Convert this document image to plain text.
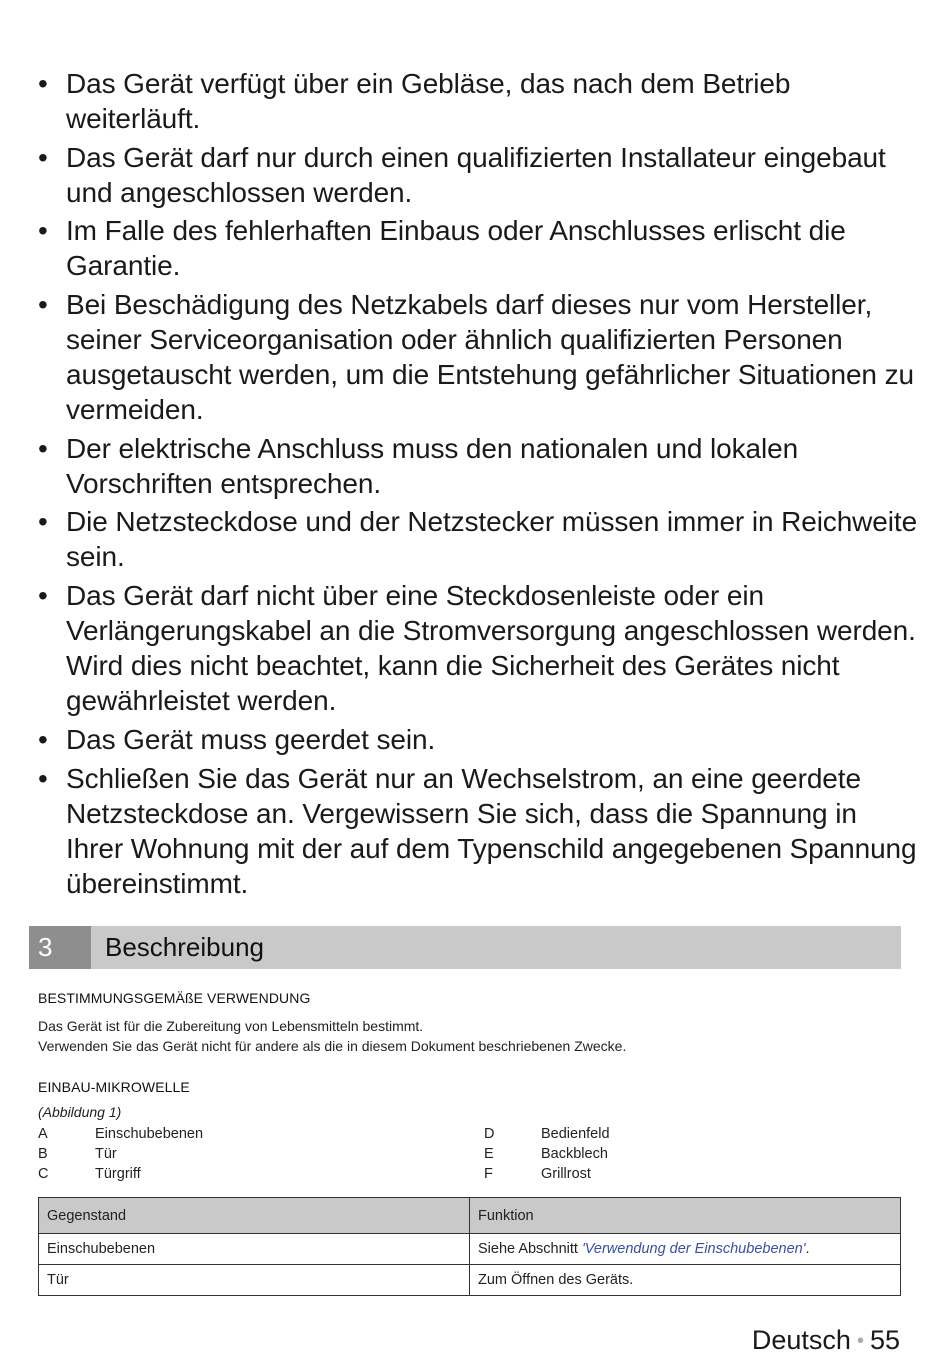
• Das Gerät verfügt über ein Gebläse, das nach dem Betrieb weiterläuft.
• Das Gerät darf nur durch einen qualifizierten Installateur eingebaut und angeschlossen werden.
• Im Falle des fehlerhaften Einbaus oder Anschlusses erlischt die Garantie.
• Bei Beschädigung des Netzkabels darf dieses nur vom Hersteller, seiner Serviceorganisation oder ähnlich qualifizierten Personen ausgetauscht werden, um die Entstehung gefährlicher Situationen zu vermeiden.
• Der elektrische Anschluss muss den nationalen und lokalen Vorschriften entsprechen.
• Die Netzsteckdose und der Netzstecker müssen immer in Reichweite sein.
• Das Gerät darf nicht über eine Steckdosenleiste oder ein Verlängerungskabel an die Stromversorgung angeschlossen werden. Wird dies nicht beachtet, kann die Sicherheit des Gerätes nicht gewährleistet werden.
• Das Gerät muss geerdet sein.
• Schließen Sie das Gerät nur an Wechselstrom, an eine geerdete Netzsteckdose an. Vergewissern Sie sich, dass die Spannung in Ihrer Wohnung mit der auf dem Typenschild angegebenen Spannung übereinstimmt.
3	Beschreibung
BESTIMMUNGSGEMÄßE VERWENDUNG
Das Gerät ist für die Zubereitung von Lebensmitteln bestimmt.
Verwenden Sie das Gerät nicht für andere als die in diesem Dokument beschriebenen Zwecke.
EINBAU-MIKROWELLE
(Abbildung 1)
A	Einschubebenen
B	Tür
C	Türgriff
D	Bedienfeld
E	Backblech
F	Grillrost
Gegenstand	Funktion
Einschubebenen	Siehe Abschnitt 'Verwendung der Einschubebenen'.
Tür	Zum Öffnen des Geräts.
Deutsch • 55
